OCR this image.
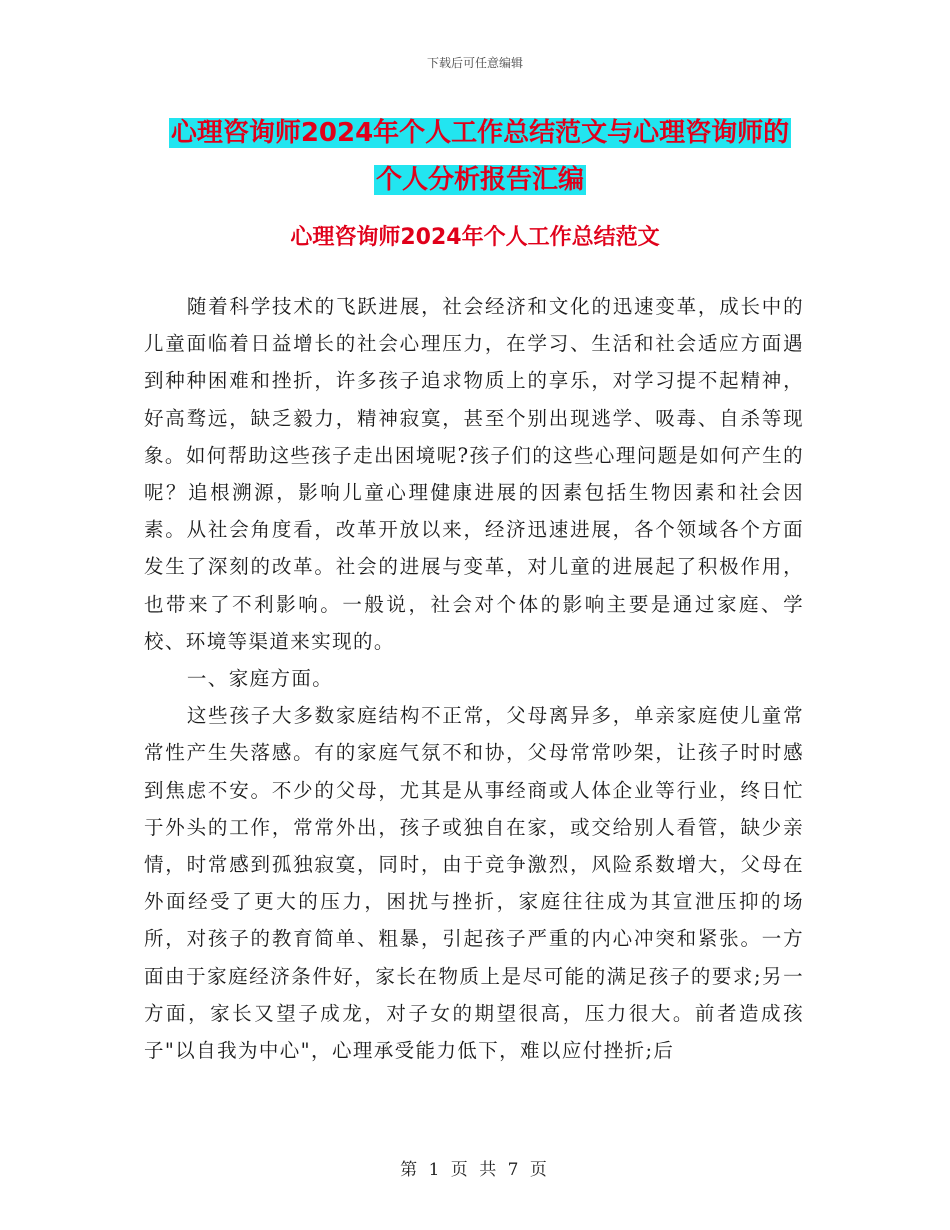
下载后可任意编辑
心理咨询师2024年个人工作总结范文与心理咨询师的
个人分析报告汇编
心理咨询师2024年个人工作总结范文

随着科学技术的飞跃进展，社会经济和文化的迅速变革，成长中的儿童面临着日益增长的社会心理压力，在学习、生活和社会适应方面遇到种种困难和挫折，许多孩子追求物质上的享乐，对学习提不起精神，好高骛远，缺乏毅力，精神寂寞，甚至个别出现逃学、吸毒、自杀等现象。如何帮助这些孩子走出困境呢?孩子们的这些心理问题是如何产生的呢？追根溯源，影响儿童心理健康进展的因素包括生物因素和社会因素。从社会角度看，改革开放以来，经济迅速进展，各个领域各个方面发生了深刻的改革。社会的进展与变革，对儿童的进展起了积极作用，也带来了不利影响。一般说，社会对个体的影响主要是通过家庭、学校、环境等渠道来实现的。

一、家庭方面。

这些孩子大多数家庭结构不正常，父母离异多，单亲家庭使儿童常常性产生失落感。有的家庭气氛不和协，父母常常吵架，让孩子时时感到焦虑不安。不少的父母，尤其是从事经商或人体企业等行业，终日忙于外头的工作，常常外出，孩子或独自在家，或交给别人看管，缺少亲情，时常感到孤独寂寞，同时，由于竞争激烈，风险系数增大，父母在外面经受了更大的压力，困扰与挫折，家庭往往成为其宣泄压抑的场所，对孩子的教育简单、粗暴，引起孩子严重的内心冲突和紧张。一方面由于家庭经济条件好，家长在物质上是尽可能的满足孩子的要求;另一方面，家长又望子成龙，对子女的期望很高，压力很大。前者造成孩子"以自我为中心"，心理承受能力低下，难以应付挫折;后

第 1 页 共 7 页
